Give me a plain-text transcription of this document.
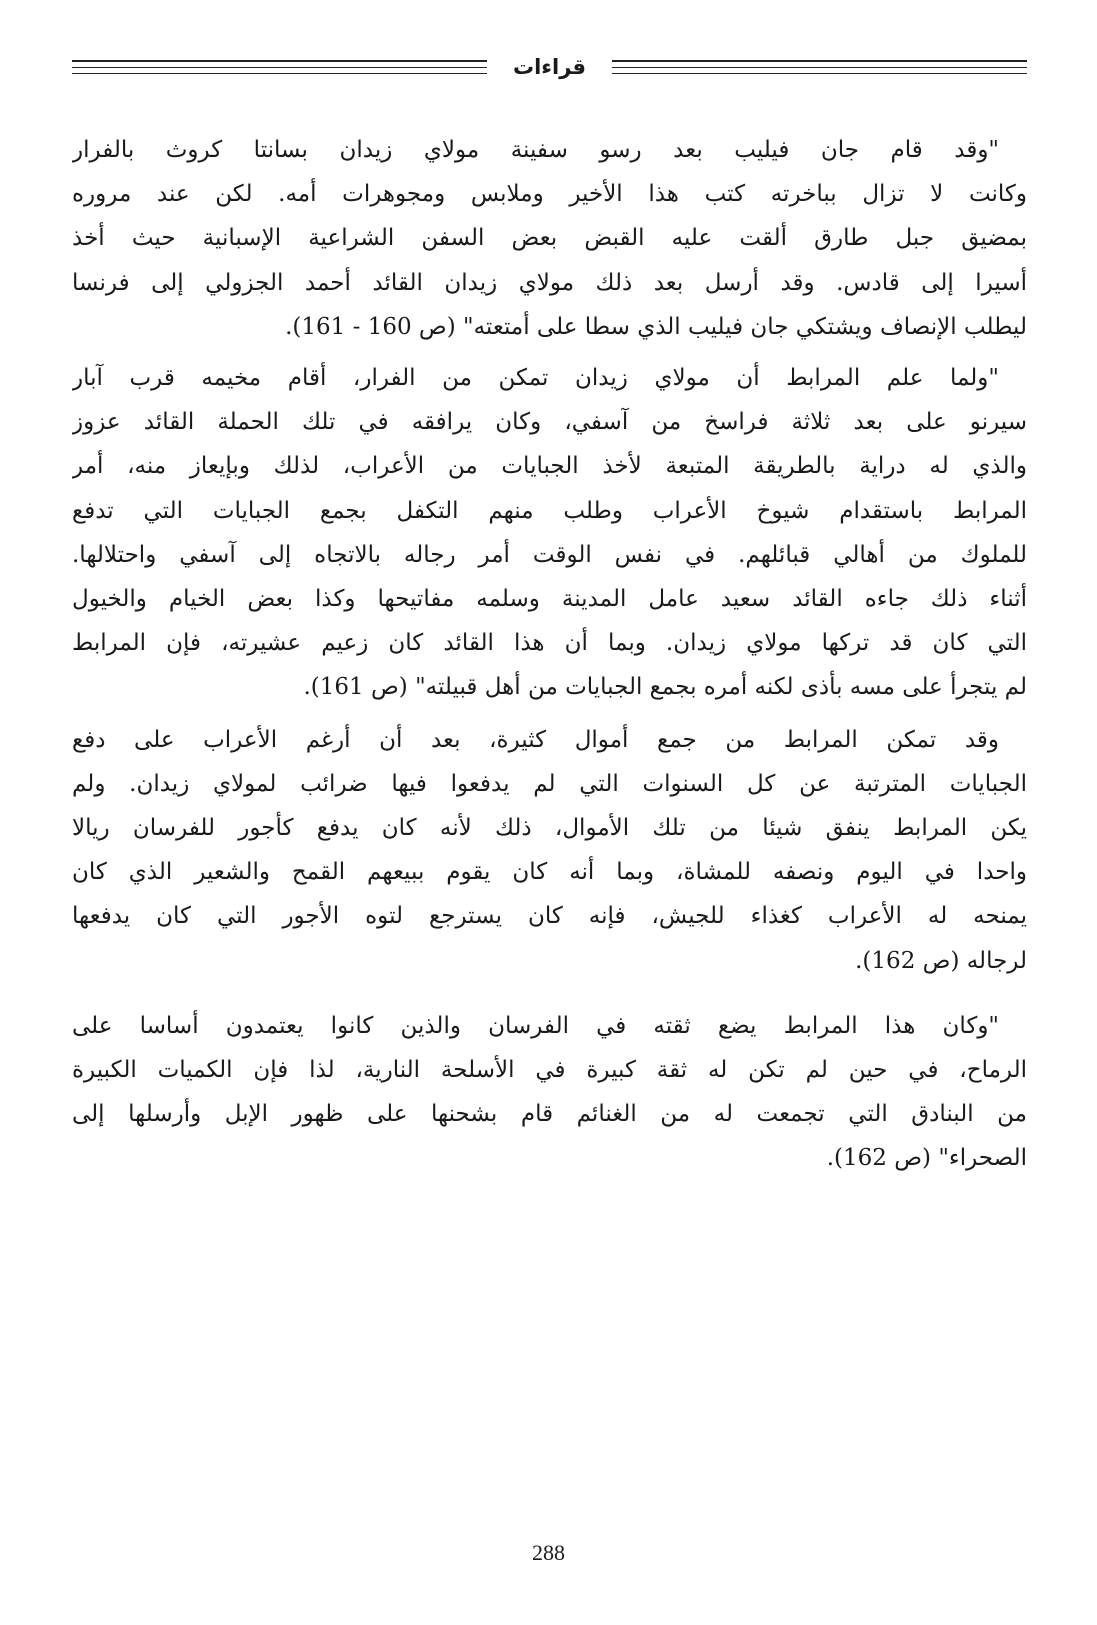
قراءات

"وقد قام جان فيليب بعد رسو سفينة مولاي زيدان بسانتا كروث بالفرار
وكانت لا تزال بباخرته كتب هذا الأخير وملابس ومجوهرات أمه. لكن عند مروره
بمضيق جبل طارق ألقت عليه القبض بعض السفن الشراعية الإسبانية حيث أخذ
أسيرا إلى قادس. وقد أرسل بعد ذلك مولاي زيدان القائد أحمد الجزولي إلى فرنسا
ليطلب الإنصاف ويشتكي جان فيليب الذي سطا على أمتعته" (ص 160 - 161).

"ولما علم المرابط أن مولاي زيدان تمكن من الفرار، أقام مخيمه قرب آبار
سيرنو على بعد ثلاثة فراسخ من آسفي، وكان يرافقه في تلك الحملة القائد عزوز
والذي له دراية بالطريقة المتبعة لأخذ الجبايات من الأعراب، لذلك وبإيعاز منه، أمر
المرابط باستقدام شيوخ الأعراب وطلب منهم التكفل بجمع الجبايات التي تدفع
للملوك من أهالي قبائلهم. في نفس الوقت أمر رجاله بالاتجاه إلى آسفي واحتلالها.
أثناء ذلك جاءه القائد سعيد عامل المدينة وسلمه مفاتيحها وكذا بعض الخيام والخيول
التي كان قد تركها مولاي زيدان. وبما أن هذا القائد كان زعيم عشيرته، فإن المرابط
لم يتجرأ على مسه بأذى لكنه أمره بجمع الجبايات من أهل قبيلته" (ص 161).

وقد تمكن المرابط من جمع أموال كثيرة، بعد أن أرغم الأعراب على دفع
الجبايات المترتبة عن كل السنوات التي لم يدفعوا فيها ضرائب لمولاي زيدان. ولم
يكن المرابط ينفق شيئا من تلك الأموال، ذلك لأنه كان يدفع كأجور للفرسان ريالا
واحدا في اليوم ونصفه للمشاة، وبما أنه كان يقوم ببيعهم القمح والشعير الذي كان
يمنحه له الأعراب كغذاء للجيش، فإنه كان يسترجع لتوه الأجور التي كان يدفعها
لرجاله (ص 162).

"وكان هذا المرابط يضع ثقته في الفرسان والذين كانوا يعتمدون أساسا على
الرماح، في حين لم تكن له ثقة كبيرة في الأسلحة النارية، لذا فإن الكميات الكبيرة
من البنادق التي تجمعت له من الغنائم قام بشحنها على ظهور الإبل وأرسلها إلى
الصحراء" (ص 162).

288
